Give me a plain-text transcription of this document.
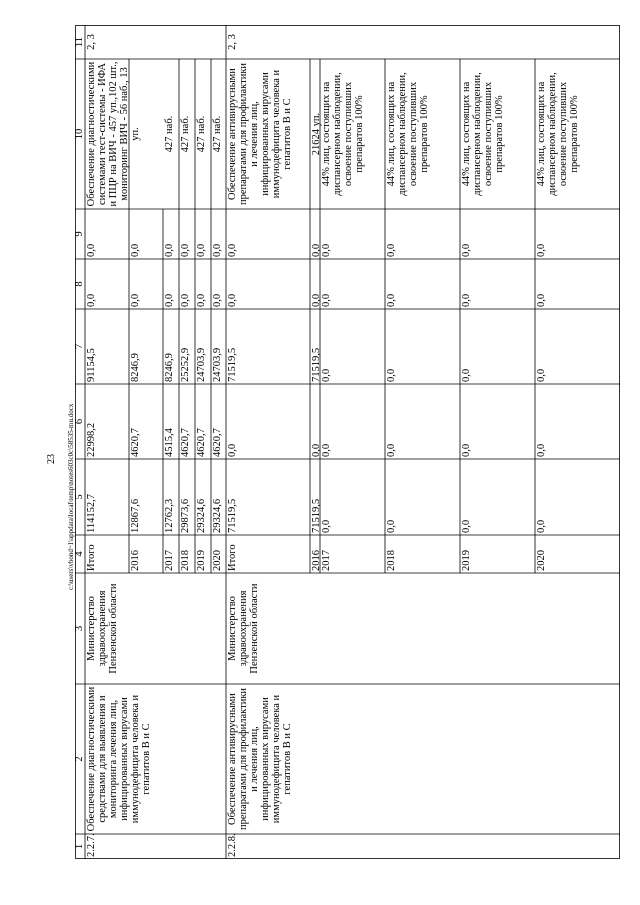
23 c:\users\vbond~1\appdata\local\temp\notes603c0c\58535-mu.docx
1
2
3
4
5
6
7
8
9
10
11
2.2.7.
Обеспечение диагностическими средствами для выявления и мониторинга лечения лиц, инфицированных вирусами иммунодефицита человека и гепатитов В и С
Министерство здравоохранения Пензенской области
2, 3
Обеспечение диагностическими системами тест-системы - ИФА и ПЦР на ВИЧ - 457 уп.,102 шт., мониторинг ВИЧ - 56 наб., 13 уп.
Итого
114152,7
22998,2
91154,5
0,0
0,0
2016
12867,6
4620,7
8246,9
0,0
0,0
2017
12762,3
4515,4
8246,9
0,0
0,0
427 наб.
2018
29873,6
4620,7
25252,9
0,0
0,0
427 наб.
2019
29324,6
4620,7
24703,9
0,0
0,0
427 наб.
2020
29324,6
4620,7
24703,9
0,0
0,0
427 наб.
2.2.8.
Обеспечение антивирусными препаратами для профилактики и лечения лиц, инфицированных вирусами иммунодефицита человека и гепатитов В и С
Министерство здравоохранения Пензенской области
2, 3
Обеспечение антивирусными препаратами для профилактики и лечения лиц, инфицированных вирусами иммунодефицита человека и гепатитов В и С
Итого
71519,5
0,0
71519,5
0,0
0,0
2016
71519,5
0,0
71519,5
0,0
0,0
21624 уп.
2017
0,0
0,0
0,0
0,0
0,0
44% лиц, состоящих на диспансерном наблюдении, освоение поступивших препаратов 100%
2018
0,0
0,0
0,0
0,0
0,0
44% лиц, состоящих на диспансерном наблюдении, освоение поступивших препаратов 100%
2019
0,0
0,0
0,0
0,0
0,0
44% лиц, состоящих на диспансерном наблюдении, освоение поступивших препаратов 100%
2020
0,0
0,0
0,0
0,0
0,0
44% лиц, состоящих на диспансерном наблюдении, освоение поступивших препаратов 100%
